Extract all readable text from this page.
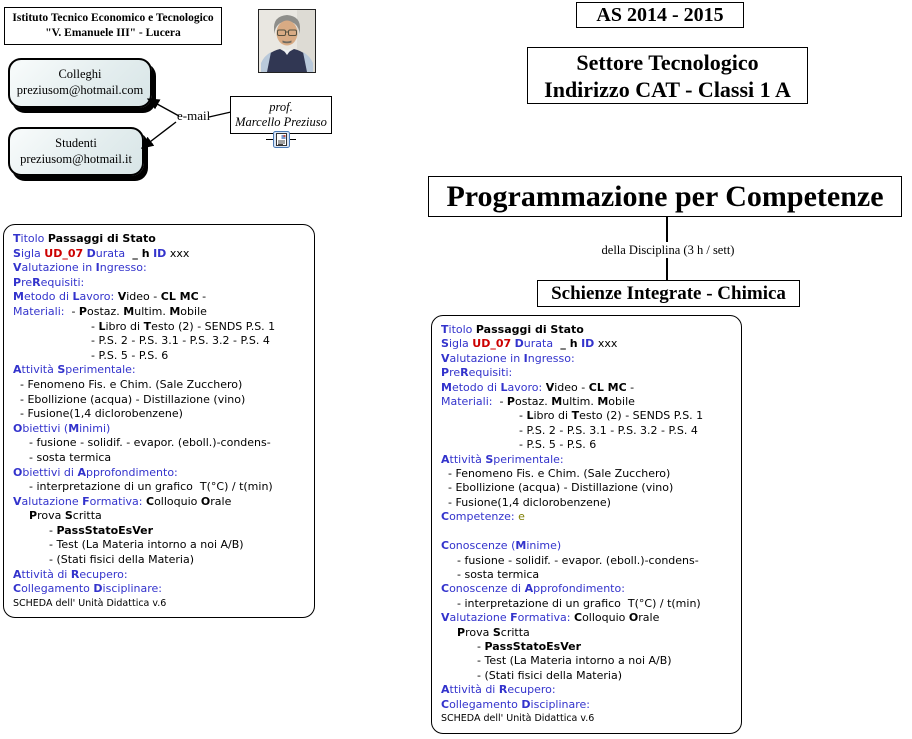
Istituto Tecnico Economico e Tecnologico
"V. Emanuele III" - Lucera
Colleghi
preziusom@hotmail.com
Studenti
preziusom@hotmail.it
e-mail
prof.
Marcello Preziuso
AS 2014 - 2015
Settore Tecnologico
Indirizzo CAT - Classi 1 A
Programmazione per Competenze
della Disciplina (3 h / sett)
Schienze Integrate - Chimica
Titolo Passaggi di Stato
Sigla UD_07 Durata  _ h ID xxx
Valutazione in Ingresso:
PreRequisiti:
Metodo di Lavoro: Video - CL MC -
Materiali:  - Postaz. Multim. Mobile
- Libro di Testo (2) - SENDS P.S. 1
- P.S. 2 - P.S. 3.1 - P.S. 3.2 - P.S. 4
- P.S. 5 - P.S. 6
Attività Sperimentale:
- Fenomeno Fis. e Chim. (Sale Zucchero)
- Ebollizione (acqua) - Distillazione (vino)
- Fusione(1,4 diclorobenzene)
Obiettivi (Minimi)
- fusione - solidif. - evapor. (eboll.)-condens-
- sosta termica
Obiettivi di Approfondimento:
- interpretazione di un grafico  T(°C) / t(min)
Valutazione Formativa: Colloquio Orale
Prova Scritta
- PassStatoEsVer
- Test (La Materia intorno a noi A/B)
- (Stati fisici della Materia)
Attività di Recupero:
Collegamento Disciplinare:
SCHEDA dell' Unità Didattica v.6
Titolo Passaggi di Stato
Sigla UD_07 Durata  _ h ID xxx
Valutazione in Ingresso:
PreRequisiti:
Metodo di Lavoro: Video - CL MC -
Materiali:  - Postaz. Multim. Mobile
- Libro di Testo (2) - SENDS P.S. 1
- P.S. 2 - P.S. 3.1 - P.S. 3.2 - P.S. 4
- P.S. 5 - P.S. 6
Attività Sperimentale:
- Fenomeno Fis. e Chim. (Sale Zucchero)
- Ebollizione (acqua) - Distillazione (vino)
- Fusione(1,4 diclorobenzene)
Competenze: e

Conoscenze (Minime)
- fusione - solidif. - evapor. (eboll.)-condens-
- sosta termica
Conoscenze di Approfondimento:
- interpretazione di un grafico  T(°C) / t(min)
Valutazione Formativa: Colloquio Orale
Prova Scritta
- PassStatoEsVer
- Test (La Materia intorno a noi A/B)
- (Stati fisici della Materia)
Attività di Recupero:
Collegamento Disciplinare:
SCHEDA dell' Unità Didattica v.6
